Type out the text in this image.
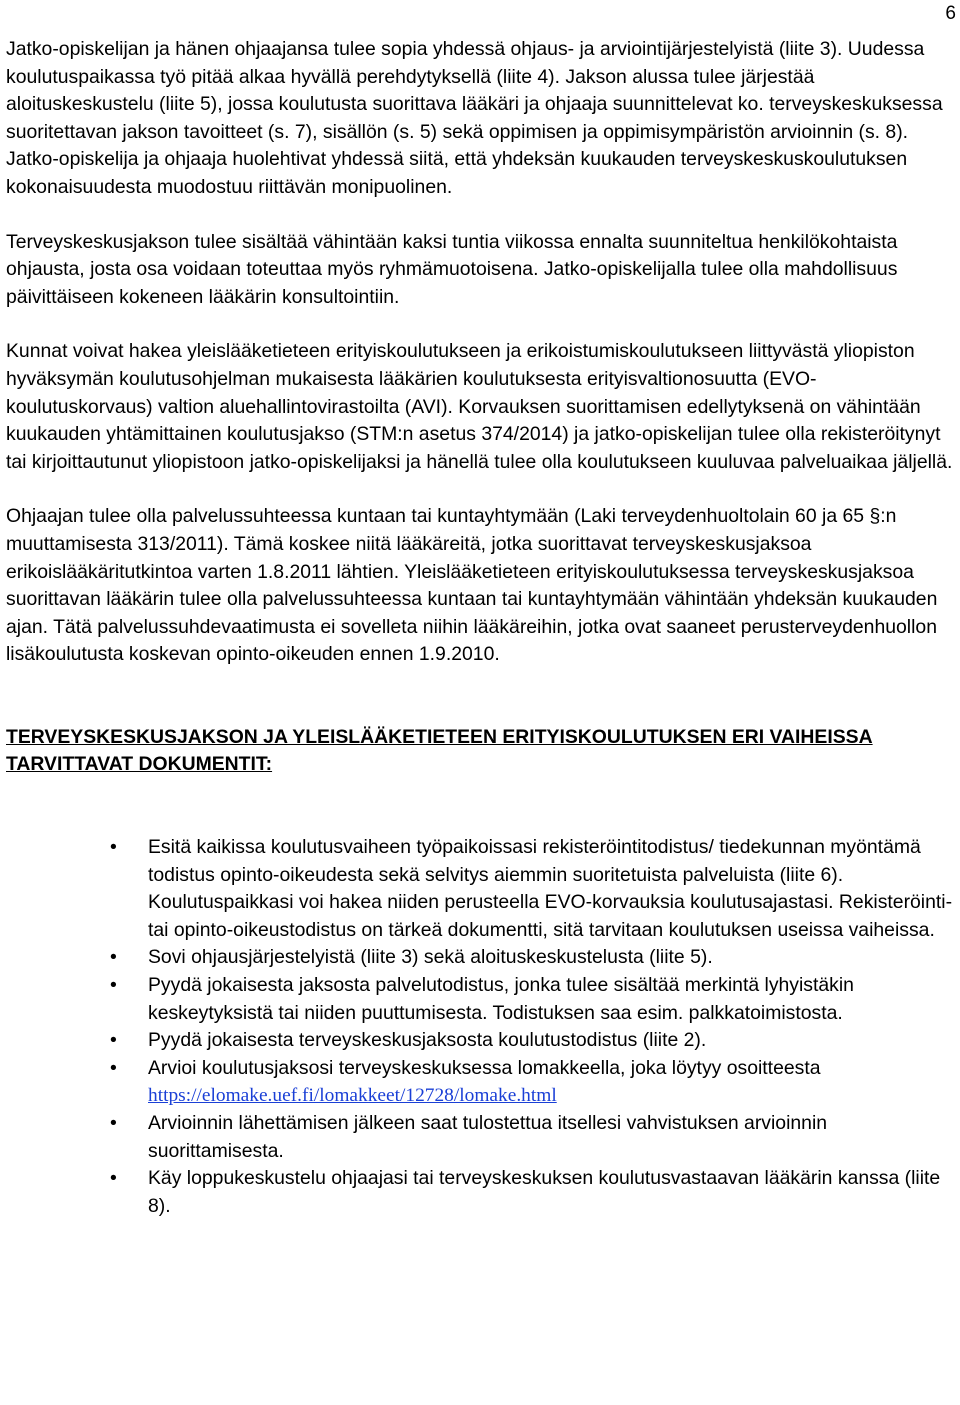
6

Jatko-opiskelijan ja hänen ohjaajansa tulee sopia yhdessä ohjaus- ja arviointijärjestelyistä (liite 3). Uudessa koulutuspaikassa työ pitää alkaa hyvällä perehdytyksellä (liite 4). Jakson alussa tulee järjestää aloituskeskustelu (liite 5), jossa koulutusta suorittava lääkäri ja ohjaaja suunnittelevat ko. terveyskeskuksessa suoritettavan jakson tavoitteet (s. 7), sisällön (s. 5) sekä oppimisen ja oppimisympäristön arvioinnin (s. 8). Jatko-opiskelija ja ohjaaja huolehtivat yhdessä siitä, että yhdeksän kuukauden terveyskeskuskoulutuksen kokonaisuudesta muodostuu riittävän monipuolinen.

Terveyskeskusjakson tulee sisältää vähintään kaksi tuntia viikossa ennalta suunniteltua henkilökohtaista ohjausta, josta osa voidaan toteuttaa myös ryhmämuotoisena. Jatko-opiskelijalla tulee olla mahdollisuus päivittäiseen kokeneen lääkärin konsultointiin.

Kunnat voivat hakea yleislääketieteen erityiskoulutukseen ja erikoistumiskoulutukseen liittyvästä yliopiston hyväksymän koulutusohjelman mukaisesta lääkärien koulutuksesta erityisvaltionosuutta (EVO-koulutuskorvaus) valtion aluehallintovirastoilta (AVI). Korvauksen suorittamisen edellytyksenä on vähintään kuukauden yhtämittainen koulutusjakso (STM:n asetus 374/2014) ja jatko-opiskelijan tulee olla rekisteröitynyt tai kirjoittautunut yliopistoon jatko-opiskelijaksi ja hänellä tulee olla koulutukseen kuuluvaa palveluaikaa jäljellä.

Ohjaajan tulee olla palvelussuhteessa kuntaan tai kuntayhtymään (Laki terveydenhuoltolain 60 ja 65 §:n muuttamisesta 313/2011). Tämä koskee niitä lääkäreitä, jotka suorittavat terveyskeskusjaksoa erikoislääkäritutkintoa varten 1.8.2011 lähtien. Yleislääketieteen erityiskoulutuksessa terveyskeskusjaksoa suorittavan lääkärin tulee olla palvelussuhteessa kuntaan tai kuntayhtymään vähintään yhdeksän kuukauden ajan. Tätä palvelussuhdevaatimusta ei sovelleta niihin lääkäreihin, jotka ovat saaneet perusterveydenhuollon lisäkoulutusta koskevan opinto-oikeuden ennen 1.9.2010.

TERVEYSKESKUSJAKSON JA YLEISLÄÄKETIETEEN ERITYISKOULUTUKSEN ERI VAIHEISSA TARVITTAVAT DOKUMENTIT:
• Esitä kaikissa koulutusvaiheen työpaikoissasi rekisteröintitodistus/ tiedekunnan myöntämä todistus opinto-oikeudesta sekä selvitys aiemmin suoritetuista palveluista (liite 6). Koulutuspaikkasi voi hakea niiden perusteella EVO-korvauksia koulutusajastasi. Rekisteröinti- tai opinto-oikeustodistus on tärkeä dokumentti, sitä tarvitaan koulutuksen useissa vaiheissa.
• Sovi ohjausjärjestelyistä (liite 3) sekä aloituskeskustelusta (liite 5).
• Pyydä jokaisesta jaksosta palvelutodistus, jonka tulee sisältää merkintä lyhyistäkin keskeytyksistä tai niiden puuttumisesta. Todistuksen saa esim. palkkatoimistosta.
• Pyydä jokaisesta terveyskeskusjaksosta koulutustodistus (liite 2).
• Arvioi koulutusjaksosi terveyskeskuksessa lomakkeella, joka löytyy osoitteesta https://elomake.uef.fi/lomakkeet/12728/lomake.html
• Arvioinnin lähettämisen jälkeen saat tulostettua itsellesi vahvistuksen arvioinnin suorittamisesta.
• Käy loppukeskustelu ohjaajasi tai terveyskeskuksen koulutusvastaavan lääkärin kanssa (liite 8).
